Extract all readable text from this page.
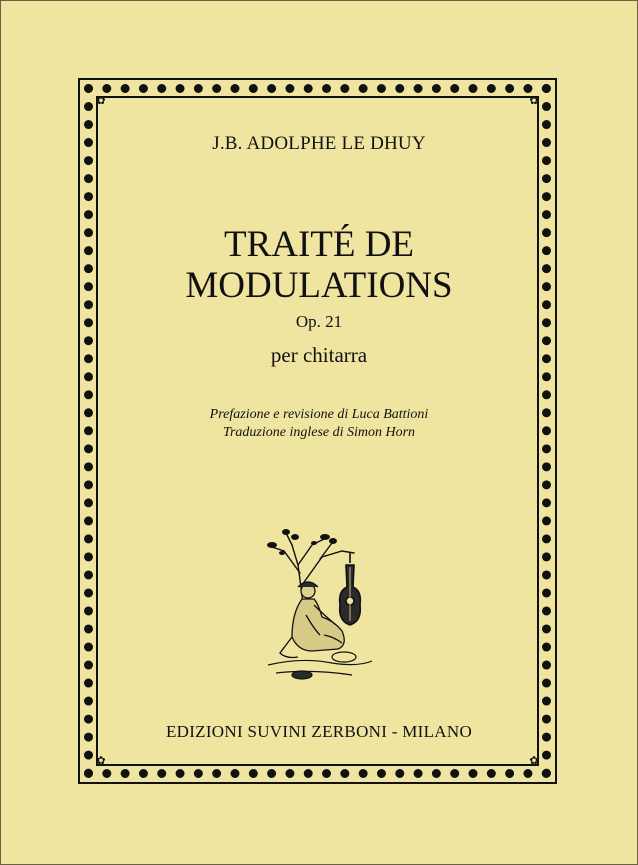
✿	✿
✿	✿
J.B. ADOLPHE LE DHUY
TRAITÉ DE
MODULATIONS
Op. 21
per chitarra
Prefazione e revisione di Luca Battioni
Traduzione inglese di Simon Horn
EDIZIONI SUVINI ZERBONI - MILANO
